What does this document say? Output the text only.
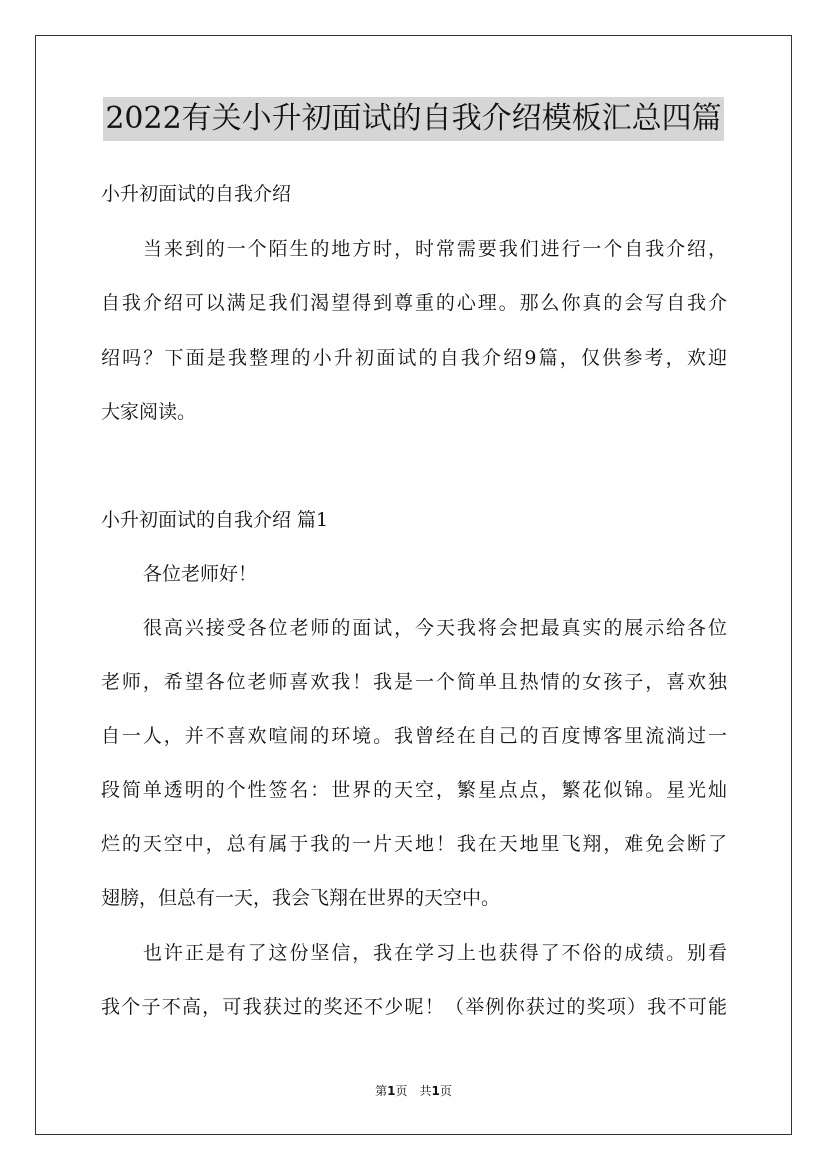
2022有关小升初面试的自我介绍模板汇总四篇
小升初面试的自我介绍
当来到的一个陌生的地方时，时常需要我们进行一个自我介绍，
自我介绍可以满足我们渴望得到尊重的心理。那么你真的会写自我介
绍吗？下面是我整理的小升初面试的自我介绍9篇，仅供参考，欢迎
大家阅读。
小升初面试的自我介绍 篇1
各位老师好！
很高兴接受各位老师的面试，今天我将会把最真实的展示给各位
老师，希望各位老师喜欢我！我是一个简单且热情的女孩子，喜欢独
自一人，并不喜欢喧闹的环境。我曾经在自己的百度博客里流淌过一
段简单透明的个性签名：世界的天空，繁星点点，繁花似锦。星光灿
烂的天空中，总有属于我的一片天地！我在天地里飞翔，难免会断了
翅膀，但总有一天，我会飞翔在世界的天空中。
也许正是有了这份坚信，我在学习上也获得了不俗的成绩。别看
我个子不高，可我获过的奖还不少呢！（举例你获过的奖项）我不可能
第1页　共1页
